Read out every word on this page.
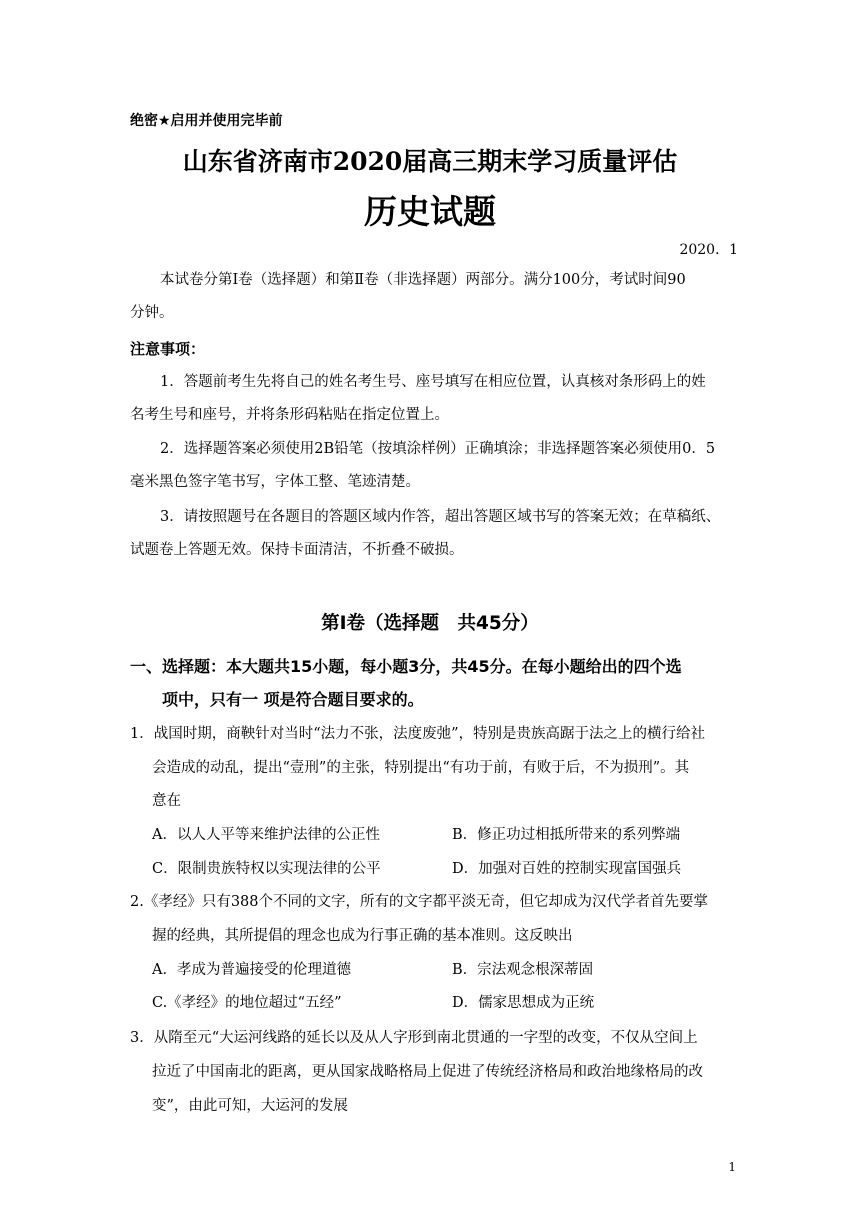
绝密★启用并使用完毕前
山东省济南市2020届高三期末学习质量评估
历史试题
2020．1
本试卷分第Ⅰ卷（选择题）和第Ⅱ卷（非选择题）两部分。满分100分，考试时间90
分钟。
注意事项：
1．答题前考生先将自己的姓名考生号、座号填写在相应位置，认真核对条形码上的姓
名考生号和座号，并将条形码粘贴在指定位置上。
2．选择题答案必须使用2B铅笔（按填涂样例）正确填涂；非选择题答案必须使用0．5
毫米黑色签字笔书写，字体工整、笔迹清楚。
3．请按照题号在各题目的答题区域内作答，超出答题区域书写的答案无效；在草稿纸、
试题卷上答题无效。保持卡面清洁，不折叠不破损。
第Ⅰ卷（选择题　共45分）
一、选择题：本大题共15小题，每小题3分，共45分。在每小题给出的四个选
项中，只有一 项是符合题目要求的。
1．战国时期，商鞅针对当时“法力不张，法度废弛”，特别是贵族高踞于法之上的横行给社
会造成的动乱，提出“壹刑”的主张，特别提出“有功于前，有败于后，不为损刑”。其
意在
A．以人人平等来维护法律的公正性	B．修正功过相抵所带来的系列弊端
C．限制贵族特权以实现法律的公平	D．加强对百姓的控制实现富国强兵
2.《孝经》只有388个不同的文字，所有的文字都平淡无奇，但它却成为汉代学者首先要掌
握的经典，其所提倡的理念也成为行事正确的基本准则。这反映出
A．孝成为普遍接受的伦理道德	B．宗法观念根深蒂固
C.《孝经》的地位超过“五经”	D．儒家思想成为正统
3．从隋至元“大运河线路的延长以及从人字形到南北贯通的一字型的改变，不仅从空间上
拉近了中国南北的距离，更从国家战略格局上促进了传统经济格局和政治地缘格局的改
变”，由此可知，大运河的发展
1
